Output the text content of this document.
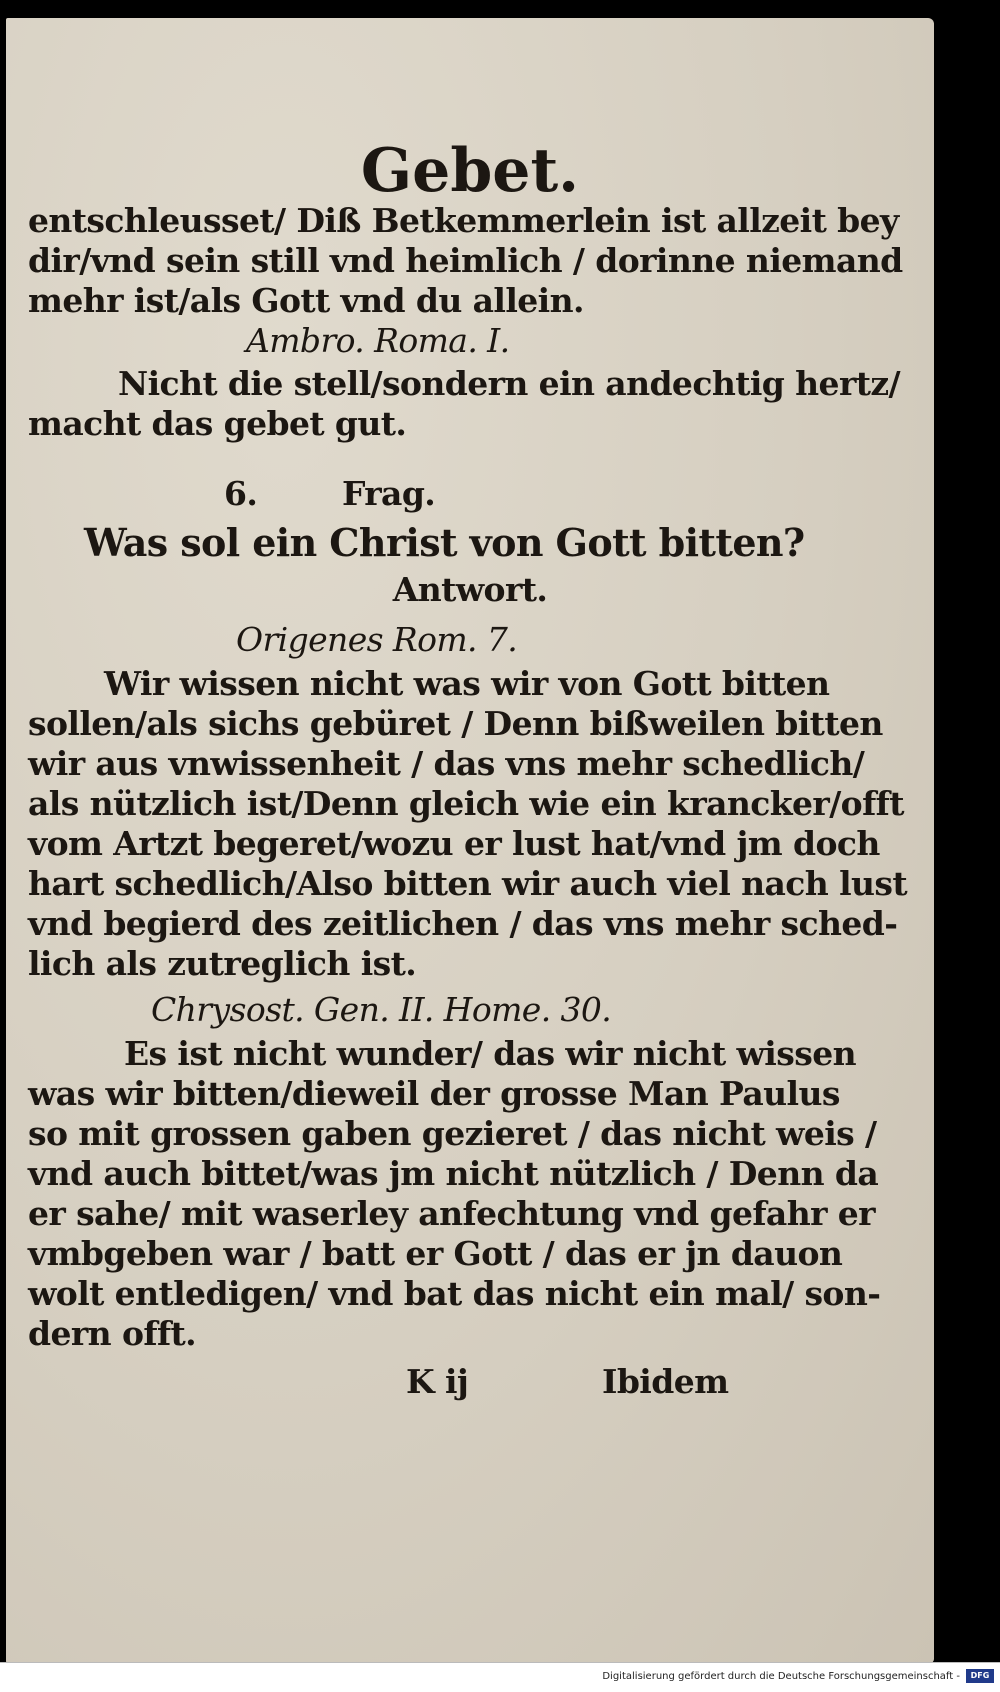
Gebet.
entschleusset/ Diß Betkemmerlein ist allzeit bey
dir/vnd sein still vnd heimlich / dorinne niemand
mehr ist/als Gott vnd du allein.
Ambro. Roma. I.
Nicht die stell/sondern ein andechtig hertz/
macht das gebet gut.
6.	Frag.
Was sol ein Christ von Gott bitten?
Antwort.
Origenes Rom. 7.
Wir wissen nicht was wir von Gott bitten
sollen/als sichs gebüret / Denn bißweilen bitten
wir aus vnwissenheit / das vns mehr schedlich/
als nützlich ist/Denn gleich wie ein krancker/offt
vom Artzt begeret/wozu er lust hat/vnd jm doch
hart schedlich/Also bitten wir auch viel nach lust
vnd begierd des zeitlichen / das vns mehr sched-
lich als zutreglich ist.
Chrysost. Gen. II. Home. 30.
Es ist nicht wunder/ das wir nicht wissen
was wir bitten/dieweil der grosse Man Paulus
so mit grossen gaben gezieret / das nicht weis /
vnd auch bittet/was jm nicht nützlich / Denn da
er sahe/ mit waserley anfechtung vnd gefahr er
vmbgeben war / batt er Gott / das er jn dauon
wolt entledigen/ vnd bat das nicht ein mal/ son-
dern offt.
K ij	Ibidem
Digitalisierung gefördert durch die Deutsche Forschungsgemeinschaft -	DFG
